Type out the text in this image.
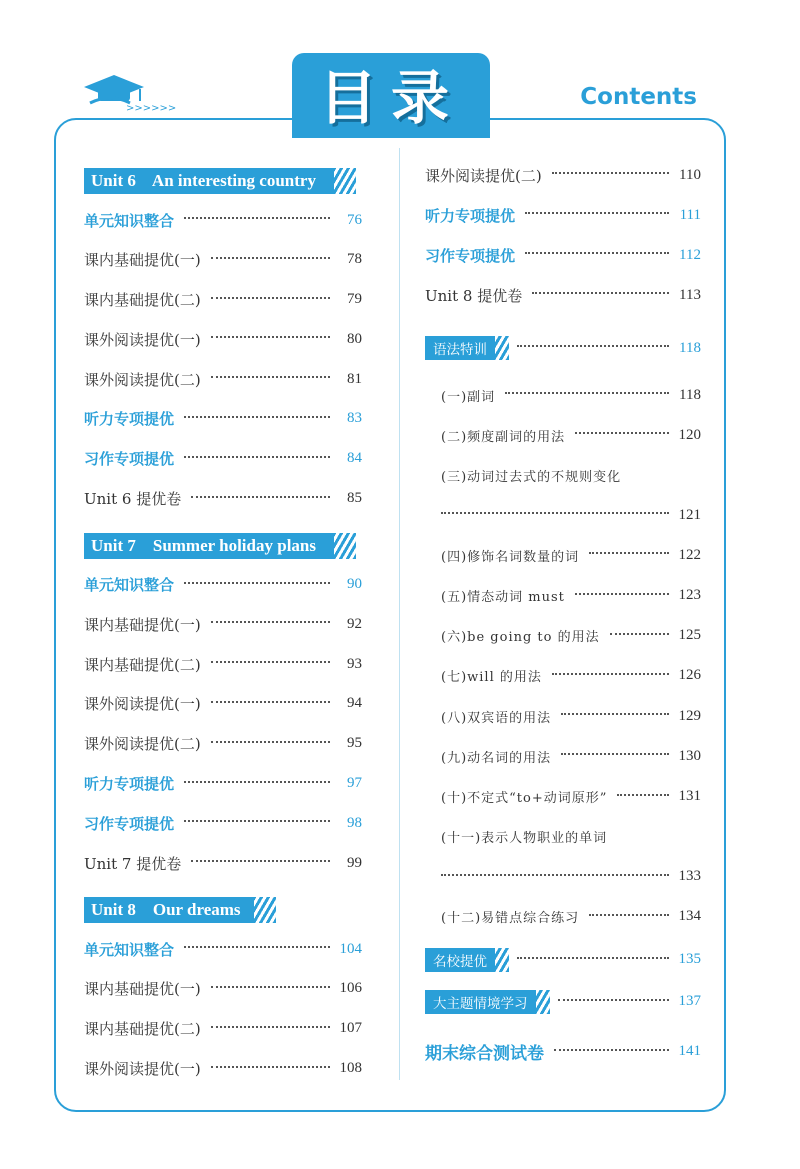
>>>>>>	目录	Contents
Unit 6    An interesting country
单元知识整合	76
课内基础提优(一)	78
课内基础提优(二)	79
课外阅读提优(一)	80
课外阅读提优(二)	81
听力专项提优	83
习作专项提优	84
Unit 6 提优卷	85
Unit 7    Summer holiday plans
单元知识整合	90
课内基础提优(一)	92
课内基础提优(二)	93
课外阅读提优(一)	94
课外阅读提优(二)	95
听力专项提优	97
习作专项提优	98
Unit 7 提优卷	99
Unit 8    Our dreams
单元知识整合	104
课内基础提优(一)	106
课内基础提优(二)	107
课外阅读提优(一)	108
课外阅读提优(二)	110
听力专项提优	111
习作专项提优	112
Unit 8 提优卷	113
语法特训	118
(一)副词	118
(二)频度副词的用法	120
(三)动词过去式的不规则变化
121
(四)修饰名词数量的词	122
(五)情态动词 must	123
(六)be going to 的用法	125
(七)will 的用法	126
(八)双宾语的用法	129
(九)动名词的用法	130
(十)不定式“to+动词原形”	131
(十一)表示人物职业的单词
133
(十二)易错点综合练习	134
名校提优	135
大主题情境学习	137
期末综合测试卷	141
